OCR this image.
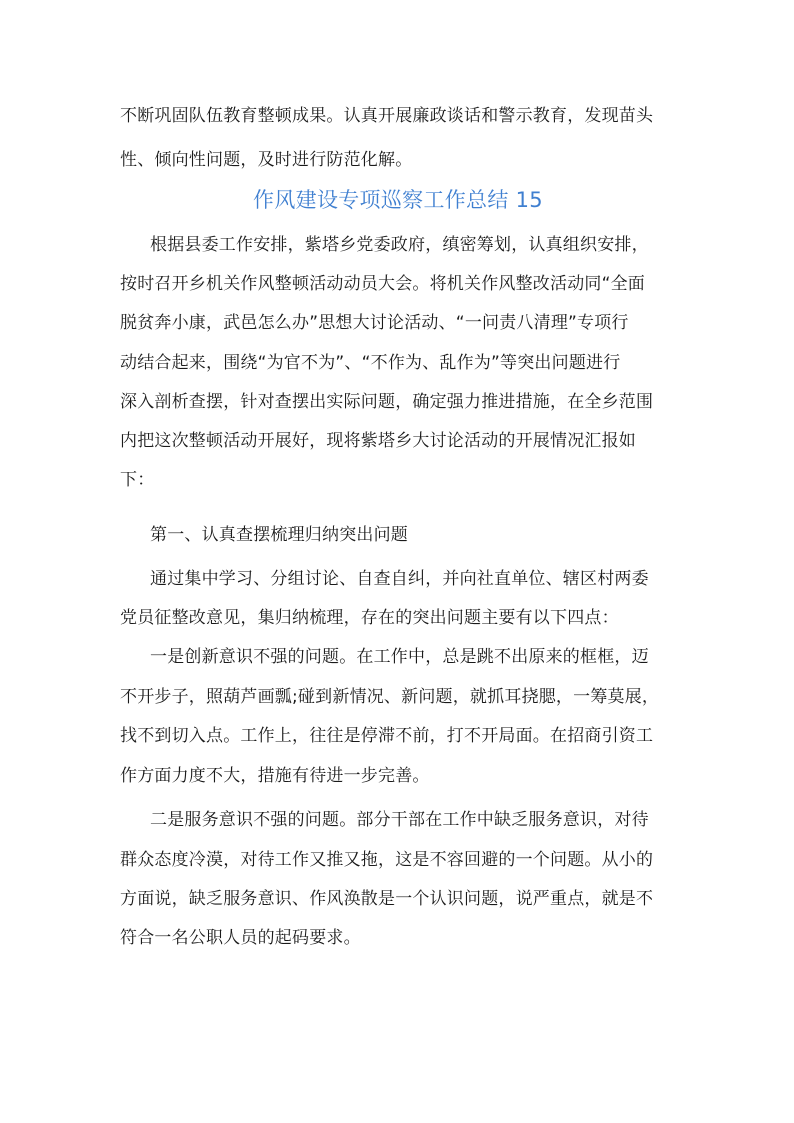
不断巩固队伍教育整顿成果。认真开展廉政谈话和警示教育，发现苗头
性、倾向性问题，及时进行防范化解。
作风建设专项巡察工作总结 15
根据县委工作安排，紫塔乡党委政府，缜密筹划，认真组织安排，
按时召开乡机关作风整顿活动动员大会。将机关作风整改活动同“全面
脱贫奔小康，武邑怎么办”思想大讨论活动、“一问责八清理”专项行
动结合起来，围绕“为官不为”、“不作为、乱作为”等突出问题进行
深入剖析查摆，针对查摆出实际问题，确定强力推进措施，在全乡范围
内把这次整顿活动开展好，现将紫塔乡大讨论活动的开展情况汇报如
下：
第一、认真查摆梳理归纳突出问题
通过集中学习、分组讨论、自查自纠，并向社直单位、辖区村两委
党员征整改意见，集归纳梳理，存在的突出问题主要有以下四点：
一是创新意识不强的问题。在工作中，总是跳不出原来的框框，迈
不开步子，照葫芦画瓢;碰到新情况、新问题，就抓耳挠腮，一筹莫展，
找不到切入点。工作上，往往是停滞不前，打不开局面。在招商引资工
作方面力度不大，措施有待进一步完善。
二是服务意识不强的问题。部分干部在工作中缺乏服务意识，对待
群众态度冷漠，对待工作又推又拖，这是不容回避的一个问题。从小的
方面说，缺乏服务意识、作风涣散是一个认识问题，说严重点，就是不
符合一名公职人员的起码要求。
